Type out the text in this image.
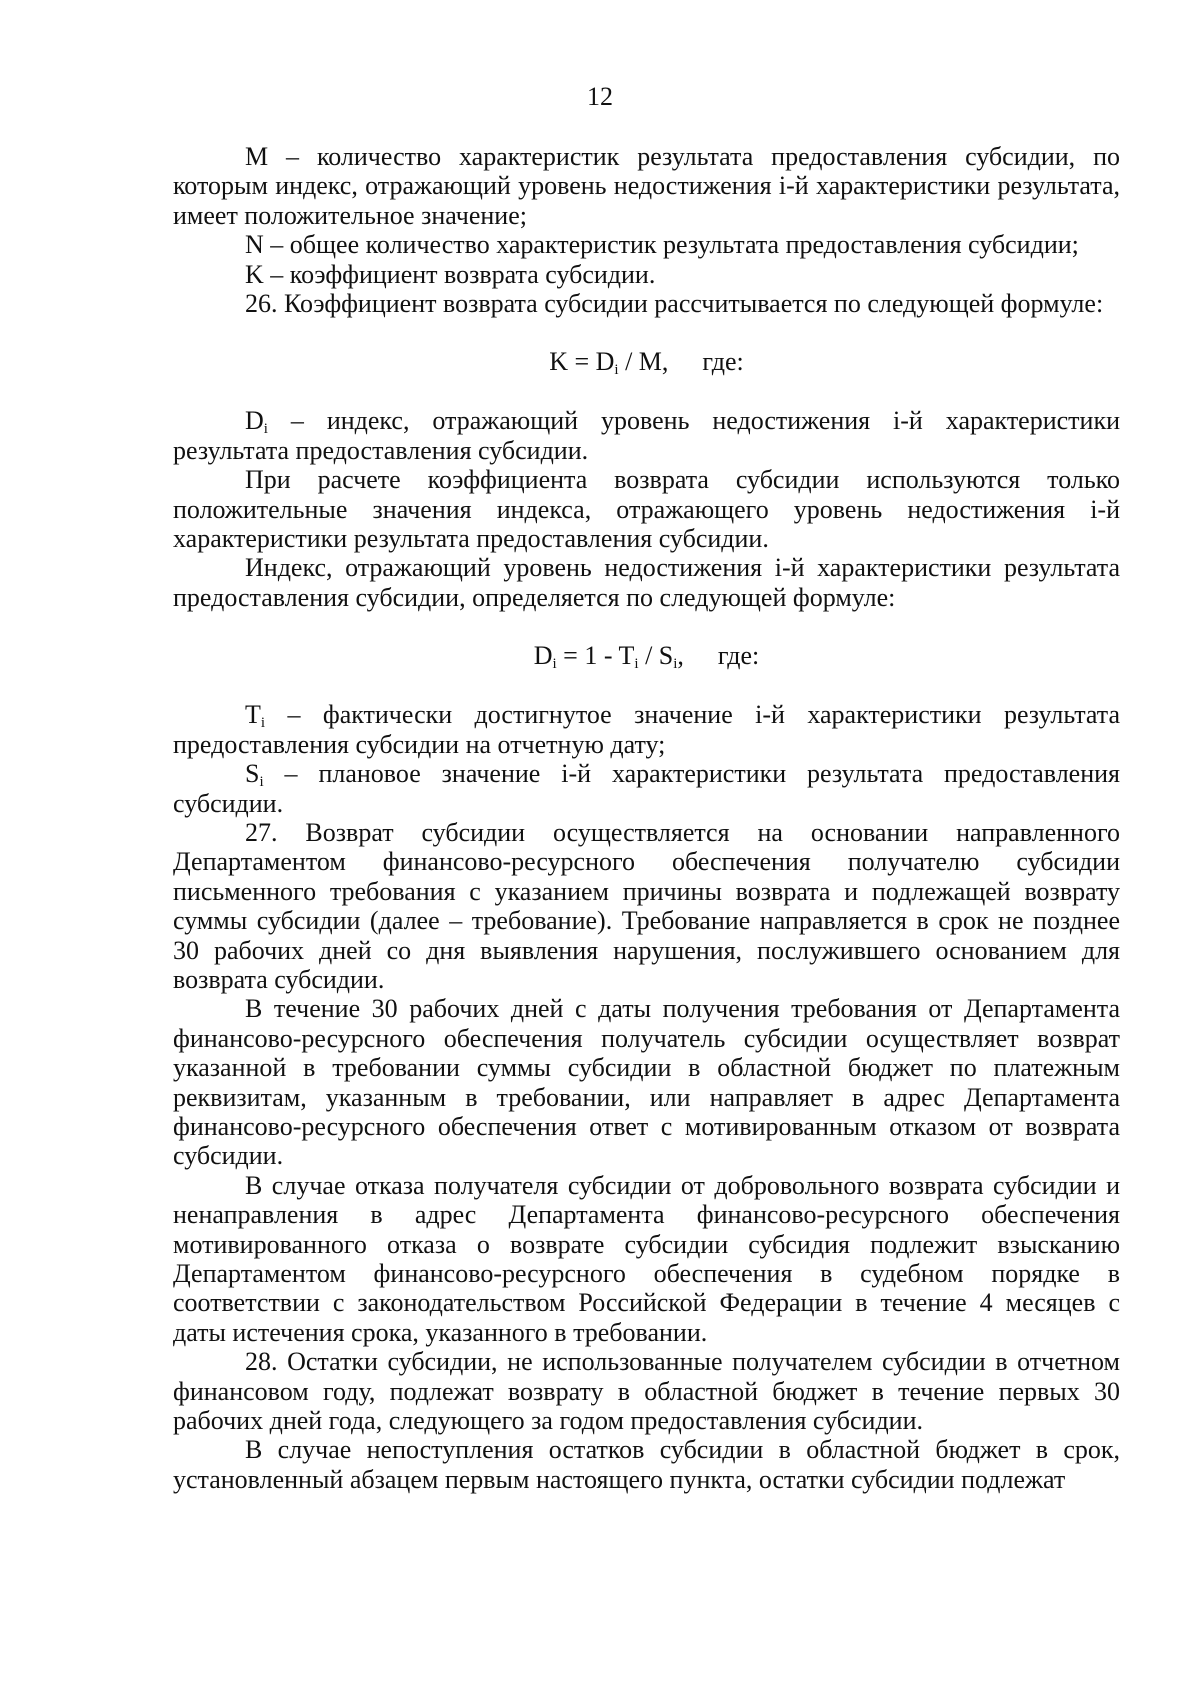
12

M – количество характеристик результата предоставления субсидии, по которым индекс, отражающий уровень недостижения i-й характеристики результата, имеет положительное значение;

N – общее количество характеристик результата предоставления субсидии;

K – коэффициент возврата субсидии.

26. Коэффициент возврата субсидии рассчитывается по следующей формуле:

$K = D_i / M$, где:

$D_i$ – индекс, отражающий уровень недостижения i-й характеристики результата предоставления субсидии.

При расчете коэффициента возврата субсидии используются только положительные значения индекса, отражающего уровень недостижения i-й характеристики результата предоставления субсидии.

Индекс, отражающий уровень недостижения i-й характеристики результата предоставления субсидии, определяется по следующей формуле:

$D_i = 1 - T_i / S_i$, где:

$T_i$ – фактически достигнутое значение i-й характеристики результата предоставления субсидии на отчетную дату;

$S_i$ – плановое значение i-й характеристики результата предоставления субсидии.

27. Возврат субсидии осуществляется на основании направленного Департаментом финансово-ресурсного обеспечения получателю субсидии письменного требования с указанием причины возврата и подлежащей возврату суммы субсидии (далее – требование). Требование направляется в срок не позднее 30 рабочих дней со дня выявления нарушения, послужившего основанием для возврата субсидии.

В течение 30 рабочих дней с даты получения требования от Департамента финансово-ресурсного обеспечения получатель субсидии осуществляет возврат указанной в требовании суммы субсидии в областной бюджет по платежным реквизитам, указанным в требовании, или направляет в адрес Департамента финансово-ресурсного обеспечения ответ с мотивированным отказом от возврата субсидии.

В случае отказа получателя субсидии от добровольного возврата субсидии и ненаправления в адрес Департамента финансово-ресурсного обеспечения мотивированного отказа о возврате субсидии субсидия подлежит взысканию Департаментом финансово-ресурсного обеспечения в судебном порядке в соответствии с законодательством Российской Федерации в течение 4 месяцев с даты истечения срока, указанного в требовании.

28. Остатки субсидии, не использованные получателем субсидии в отчетном финансовом году, подлежат возврату в областной бюджет в течение первых 30 рабочих дней года, следующего за годом предоставления субсидии.

В случае непоступления остатков субсидии в областной бюджет в срок, установленный абзацем первым настоящего пункта, остатки субсидии подлежат
